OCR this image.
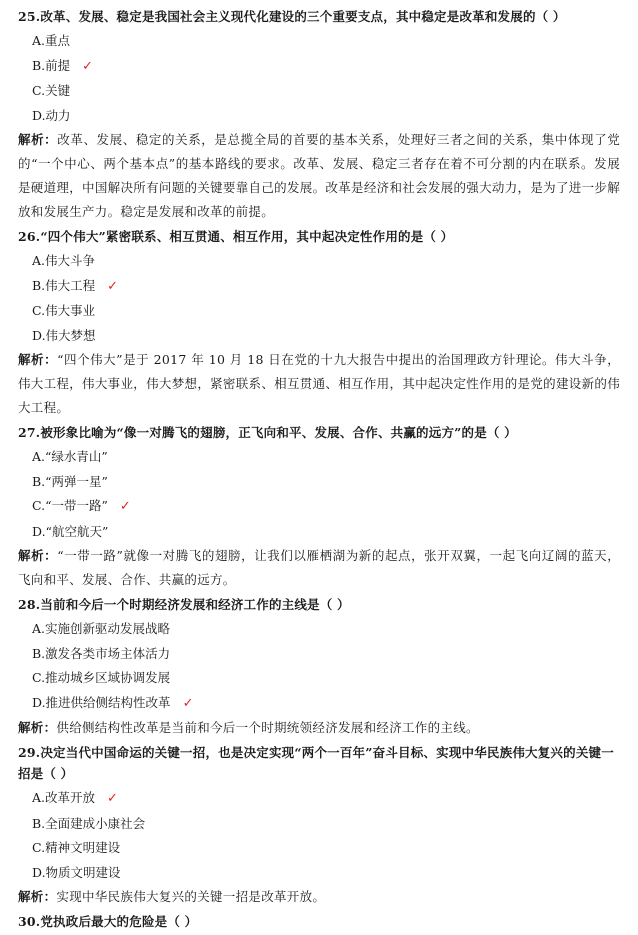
25.改革、发展、稳定是我国社会主义现代化建设的三个重要支点，其中稳定是改革和发展的（ ）

A.重点

B.前提 ✓

C.关键

D.动力

解析：改革、发展、稳定的关系，是总揽全局的首要的基本关系，处理好三者之间的关系，集中体现了党的“一个中心、两个基本点”的基本路线的要求。改革、发展、稳定三者存在着不可分割的内在联系。发展是硬道理，中国解决所有问题的关键要靠自己的发展。改革是经济和社会发展的强大动力，是为了进一步解放和发展生产力。稳定是发展和改革的前提。

26.“四个伟大”紧密联系、相互贯通、相互作用，其中起决定性作用的是（ ）

A.伟大斗争

B.伟大工程 ✓

C.伟大事业

D.伟大梦想

解析：“四个伟大”是于 2017 年 10 月 18 日在党的十九大报告中提出的治国理政方针理论。伟大斗争，伟大工程，伟大事业，伟大梦想，紧密联系、相互贯通、相互作用，其中起决定性作用的是党的建设新的伟大工程。

27.被形象比喻为“像一对腾飞的翅膀，正飞向和平、发展、合作、共赢的远方”的是（ ）

A.“绿水青山”

B.“两弹一星”

C.“一带一路” ✓

D.“航空航天”

解析：“一带一路”就像一对腾飞的翅膀，让我们以雁栖湖为新的起点，张开双翼，一起飞向辽阔的蓝天，飞向和平、发展、合作、共赢的远方。

28.当前和今后一个时期经济发展和经济工作的主线是（ ）

A.实施创新驱动发展战略

B.激发各类市场主体活力

C.推动城乡区域协调发展

D.推进供给侧结构性改革 ✓

解析：供给侧结构性改革是当前和今后一个时期统领经济发展和经济工作的主线。

29.决定当代中国命运的关键一招，也是决定实现“两个一百年”奋斗目标、实现中华民族伟大复兴的关键一招是（ ）

A.改革开放 ✓

B.全面建成小康社会

C.精神文明建设

D.物质文明建设

解析：实现中华民族伟大复兴的关键一招是改革开放。

30.党执政后最大的危险是（ ）
